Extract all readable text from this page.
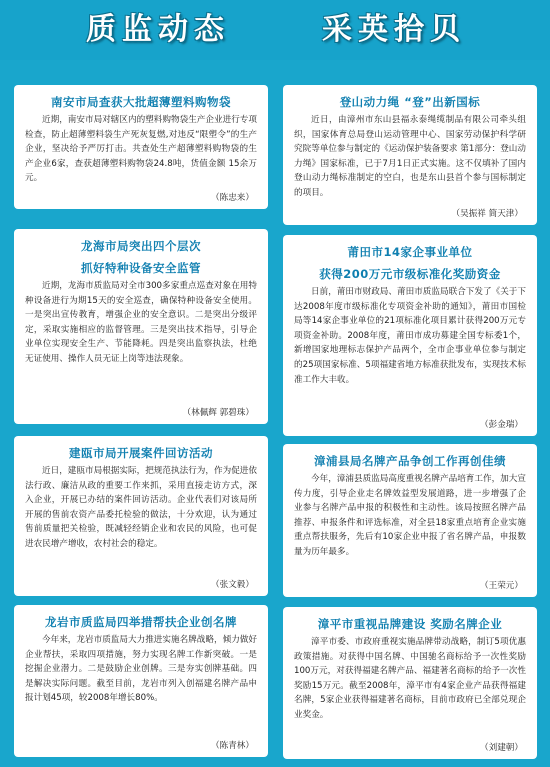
质监动态	采英拾贝
南安市局查获大批超薄塑料购物袋

近期，南安市局对辖区内的塑料购物袋生产企业进行专项检查，防止超薄塑料袋生产死灰复燃,对违反“限塑令”的生产企业，坚决给予严厉打击。共查处生产超薄塑料购物袋的生产企业6家，查获超薄塑料购物袋24.8吨，货值金额 15余万元。

（陈忠来）
登山动力绳 “登”出新国标

近日，由漳州市东山县福永泰绳缆制品有限公司牵头组织，国家体育总局登山运动管理中心、国家劳动保护科学研究院等单位参与制定的《运动保护装备要求 第1部分：登山动力绳》国家标准，已于7月1日正式实施。这不仅填补了国内登山动力绳标准制定的空白，也是东山县首个参与国标制定的项目。

（吴振祥 简天津）
龙海市局突出四个层次
抓好特种设备安全监管

近期，龙海市质监局对全市300多家重点巡查对象在用特种设备进行为期15天的安全巡查，确保特种设备安全使用。一是突出宣传教育，增强企业的安全意识。二是突出分级评定，采取实施相应的监督管理。三是突出技术指导，引导企业单位实现安全生产、节能降耗。四是突出监察执法，杜绝无证使用、操作人员无证上岗等违法现象。

（林佩辉 郭碧珠）
莆田市14家企事业单位
获得200万元市级标准化奖励资金

日前，莆田市财政局、莆田市质监局联合下发了《关于下达2008年度市级标准化专项资金补助的通知》，莆田市国检局等14家企事业单位的21项标准化项目累计获得200万元专项资金补助。2008年度，莆田市成功募建全国专标委1个，新增国家地理标志保护产品两个，全市企事业单位参与制定的25项国家标准、5项福建省地方标准获批发布，实现技术标准工作大丰收。

（彭金瑞）
建瓯市局开展案件回访活动

近日，建瓯市局根据实际，把规范执法行为，作为促进依法行政、廉洁从政的重要工作来抓，采用直接走访方式，深入企业，开展已办结的案件回访活动。企业代表们对该局所开展的售前农资产品委托检验的做法，十分欢迎，认为通过售前质量把关检验，既减轻经销企业和农民的风险，也可促进农民增产增收，农村社会的稳定。

（张文毅）
漳浦县局名牌产品争创工作再创佳绩

今年，漳浦县质监局高度重视名牌产品培育工作，加大宣传力度，引导企业走名牌效益型发展道路，进一步增强了企业参与名牌产品申报的积极性和主动性。该局按照名牌产品推荐、申报条件和评选标准，对全县18家重点培育企业实施重点帮扶服务，先后有10家企业申报了省名牌产品，申报数量为历年最多。

（王荣元）
龙岩市质监局四举措帮扶企业创名牌

今年来，龙岩市质监局大力推进实施名牌战略，倾力做好企业帮扶，采取四项措施，努力实现名牌工作新突破。一是挖掘企业潜力。二是鼓励企业创牌。三是夯实创牌基础。四是解决实际问题。截至目前，龙岩市列入创福建名牌产品申报计划45项，较2008年增长80%。

（陈青林）
漳平市重视品牌建设 奖励名牌企业

漳平市委、市政府重视实施品牌带动战略，制订5项优惠政策措施。对获得中国名牌、中国驰名商标给予一次性奖励100万元，对获得福建名牌产品、福建著名商标的给予一次性奖励15万元。截至2008年，漳平市有4家企业产品获得福建名牌，5家企业获得福建著名商标，目前市政府已全部兑现企业奖金。

（刘建朝）
